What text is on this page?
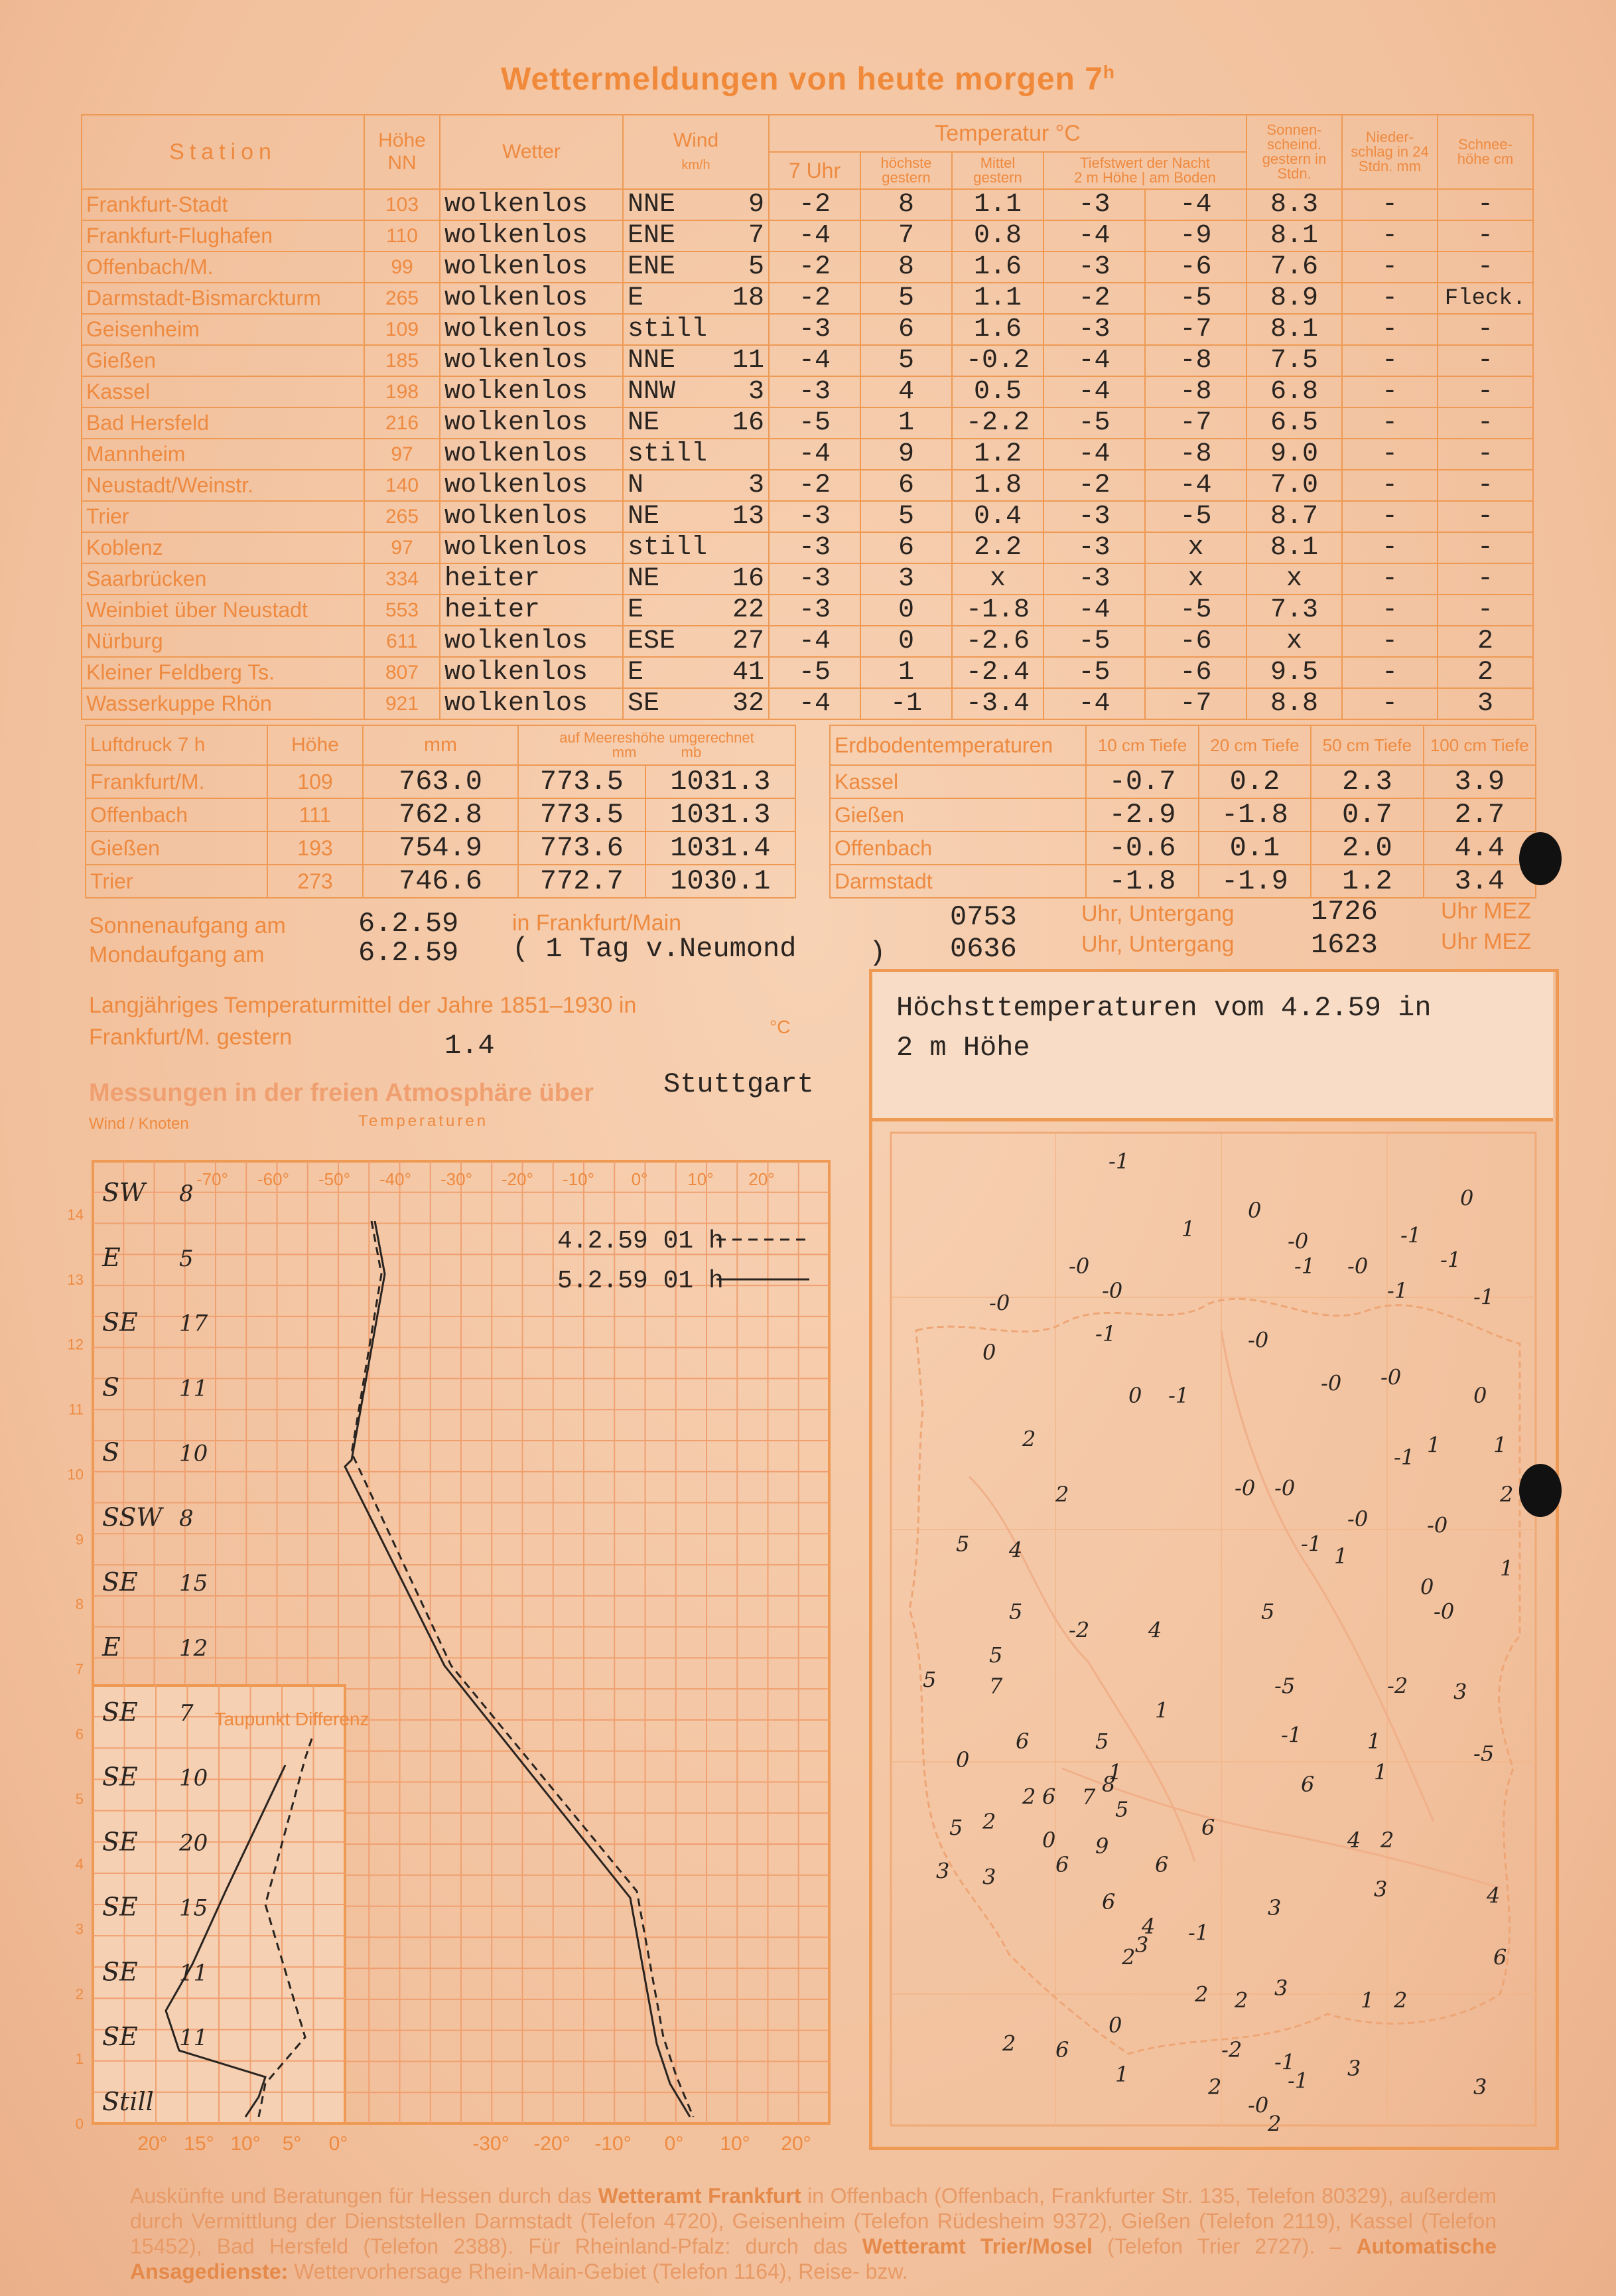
Wettermeldungen von heute morgen 7$^h$
Station	Höhe NN	Wetter	Wind
km/h	Temperatur °C					Sonnen-scheind. gestern in Stdn.	Nieder-schlag in 24 Stdn. mm	Schnee-höhe cm
				7 Uhr	höchste gestern	Mittel gestern	Tiefstwert der Nacht
2 m Höhe | am Boden				
Frankfurt-Stadt	103	wolkenlos	NNE 9	-2	8	1.1	-3	-4	8.3	-	-
Frankfurt-Flughafen	110	wolkenlos	ENE 7	-4	7	0.8	-4	-9	8.1	-	-
Offenbach/M.	99	wolkenlos	ENE 5	-2	8	1.6	-3	-6	7.6	-	-
Darmstadt-Bismarckturm	265	wolkenlos	E 18	-2	5	1.1	-2	-5	8.9	-	Fleck.
Geisenheim	109	wolkenlos	still	-3	6	1.6	-3	-7	8.1	-	-
Gießen	185	wolkenlos	NNE 11	-4	5	-0.2	-4	-8	7.5	-	-
Kassel	198	wolkenlos	NNW 3	-3	4	0.5	-4	-8	6.8	-	-
Bad Hersfeld	216	wolkenlos	NE 16	-5	1	-2.2	-5	-7	6.5	-	-
Mannheim	97	wolkenlos	still	-4	9	1.2	-4	-8	9.0	-	-
Neustadt/Weinstr.	140	wolkenlos	N 3	-2	6	1.8	-2	-4	7.0	-	-
Trier	265	wolkenlos	NE 13	-3	5	0.4	-3	-5	8.7	-	-
Koblenz	97	wolkenlos	still	-3	6	2.2	-3	x	8.1	-	-
Saarbrücken	334	heiter	NE 16	-3	3	x	-3	x	x	-	-
Weinbiet über Neustadt	553	heiter	E 22	-3	0	-1.8	-4	-5	7.3	-	-
Nürburg	611	wolkenlos	ESE 27	-4	0	-2.6	-5	-6	x	-	2
Kleiner Feldberg Ts.	807	wolkenlos	E 41	-5	1	-2.4	-5	-6	9.5	-	2
Wasserkuppe Rhön	921	wolkenlos	SE 32	-4	-1	-3.4	-4	-7	8.8	-	3
Luftdruck 7 h	Höhe	mm	auf Meereshöhe umgerechnet
mm mb	
Frankfurt/M.	109	763.0	773.5	1031.3
Offenbach	111	762.8	773.5	1031.3
Gießen	193	754.9	773.6	1031.4
Trier	273	746.6	772.7	1030.1
Erdbodentemperaturen	10 cm Tiefe	20 cm Tiefe	50 cm Tiefe	100 cm Tiefe
Kassel	-0.7	0.2	2.3	3.9
Gießen	-2.9	-1.8	0.7	2.7
Offenbach	-0.6	0.1	2.0	4.4
Darmstadt	-1.8	-1.9	1.2	3.4
Sonnenaufgang am	6.2.59 in Frankfurt/Main	0753	Uhr, Untergang	1726	Uhr MEZ
Mondaufgang am	6.2.59 ( 1 Tag v.Neumond	) 0636	Uhr, Untergang	1623	Uhr MEZ
Langjähriges Temperaturmittel der Jahre 1851–1930 in
Frankfurt/M. gestern	1.4
°C
Messungen in der freien Atmosphäre über	Stuttgart
Wind / Knoten	Temperaturen
Taupunkt Differenz
-70° -60° -50° -40° -30° -20° -10° 0° 10° 20°
20° 15° 10° 5° 0°	-30° -20° -10° 0° 10° 20°
0
1
2
3
4
5
6
7
8
9
10
11
12
13
14
SW 8
E	5
SE 17
S	11
S	10
SSW 8
SE 15
E	12
SE 7
SE 10
SE 20
SE 15
SE 11
SE 11
Still
4.2.59 01 h
5.2.59 01 h
Höchsttemperaturen vom 4.2.59 in
2 m Höhe
-1
0	0
1	-0	-1
-0	-1 -0	-1
-0	-1	-1
-0
-1	-0
0
-0 -0
0
0 -1
2	1 1
-1
2	-0 -0	2
-0	-0
5 4	-1 1	1
0
5	5	-0
-2	4
5
5 7	-5	-2 3
1
-1	1	-5
6	5
0	1
8	1
6
6 7 5
2
5 2	6	4 2
0 9
6
6
3 3
4
3
6	3
4 -1
3
2	6
3
2 2	1 2
0
2 6	-2 -1 3
1	2	-1	3
-0
2
Auskünfte und Beratungen für Hessen durch das Wetteramt Frankfurt in Offenbach (Offenbach, Frankfurter Str. 135, Telefon 80329), außerdem durch Vermittlung der Dienststellen Darmstadt (Telefon 4720), Geisenheim (Telefon Rüdesheim 9372), Gießen (Telefon 2119), Kassel (Telefon 15452), Bad Hersfeld (Telefon 2388). Für Rheinland-Pfalz: durch das Wetteramt Trier/Mosel (Telefon Trier 2727). – Automatische Ansagedienste: Wettervorhersage Rhein-Main-Gebiet (Telefon 1164), Reise- bzw.
